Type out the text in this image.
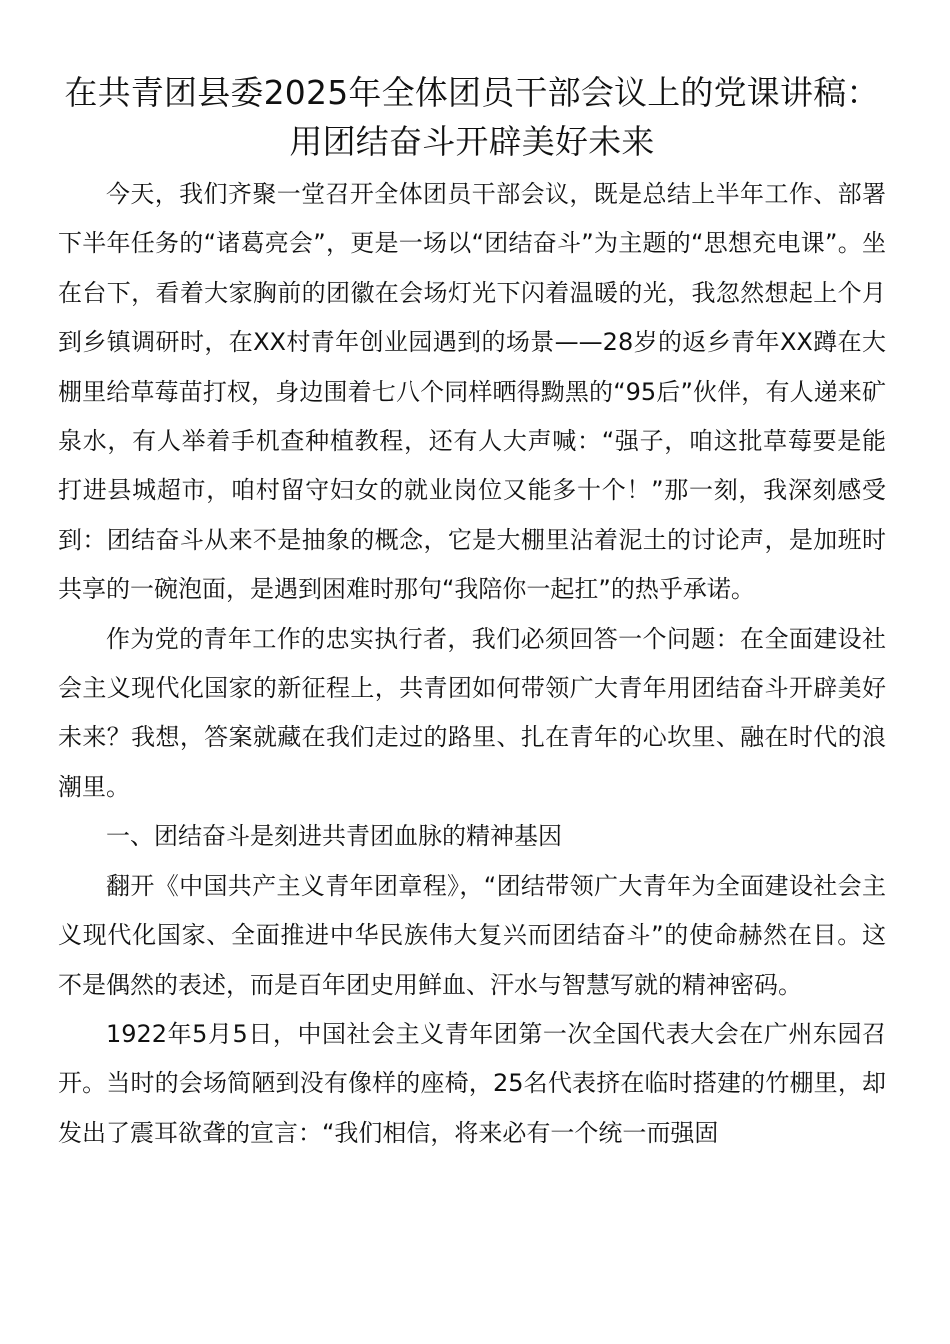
在共青团县委2025年全体团员干部会议上的党课讲稿：用团结奋斗开辟美好未来

今天，我们齐聚一堂召开全体团员干部会议，既是总结上半年工作、部署下半年任务的“诸葛亮会”，更是一场以“团结奋斗”为主题的“思想充电课”。坐在台下，看着大家胸前的团徽在会场灯光下闪着温暖的光，我忽然想起上个月到乡镇调研时，在XX村青年创业园遇到的场景——28岁的返乡青年XX蹲在大棚里给草莓苗打杈，身边围着七八个同样晒得黝黑的“95后”伙伴，有人递来矿泉水，有人举着手机查种植教程，还有人大声喊：“强子，咱这批草莓要是能打进县城超市，咱村留守妇女的就业岗位又能多十个！”那一刻，我深刻感受到：团结奋斗从来不是抽象的概念，它是大棚里沾着泥土的讨论声，是加班时共享的一碗泡面，是遇到困难时那句“我陪你一起扛”的热乎承诺。

作为党的青年工作的忠实执行者，我们必须回答一个问题：在全面建设社会主义现代化国家的新征程上，共青团如何带领广大青年用团结奋斗开辟美好未来？我想，答案就藏在我们走过的路里、扎在青年的心坎里、融在时代的浪潮里。

一、团结奋斗是刻进共青团血脉的精神基因

翻开《中国共产主义青年团章程》，“团结带领广大青年为全面建设社会主义现代化国家、全面推进中华民族伟大复兴而团结奋斗”的使命赫然在目。这不是偶然的表述，而是百年团史用鲜血、汗水与智慧写就的精神密码。

1922年5月5日，中国社会主义青年团第一次全国代表大会在广州东园召开。当时的会场简陋到没有像样的座椅，25名代表挤在临时搭建的竹棚里，却发出了震耳欲聋的宣言：“我们相信，将来必有一个统一而强固
